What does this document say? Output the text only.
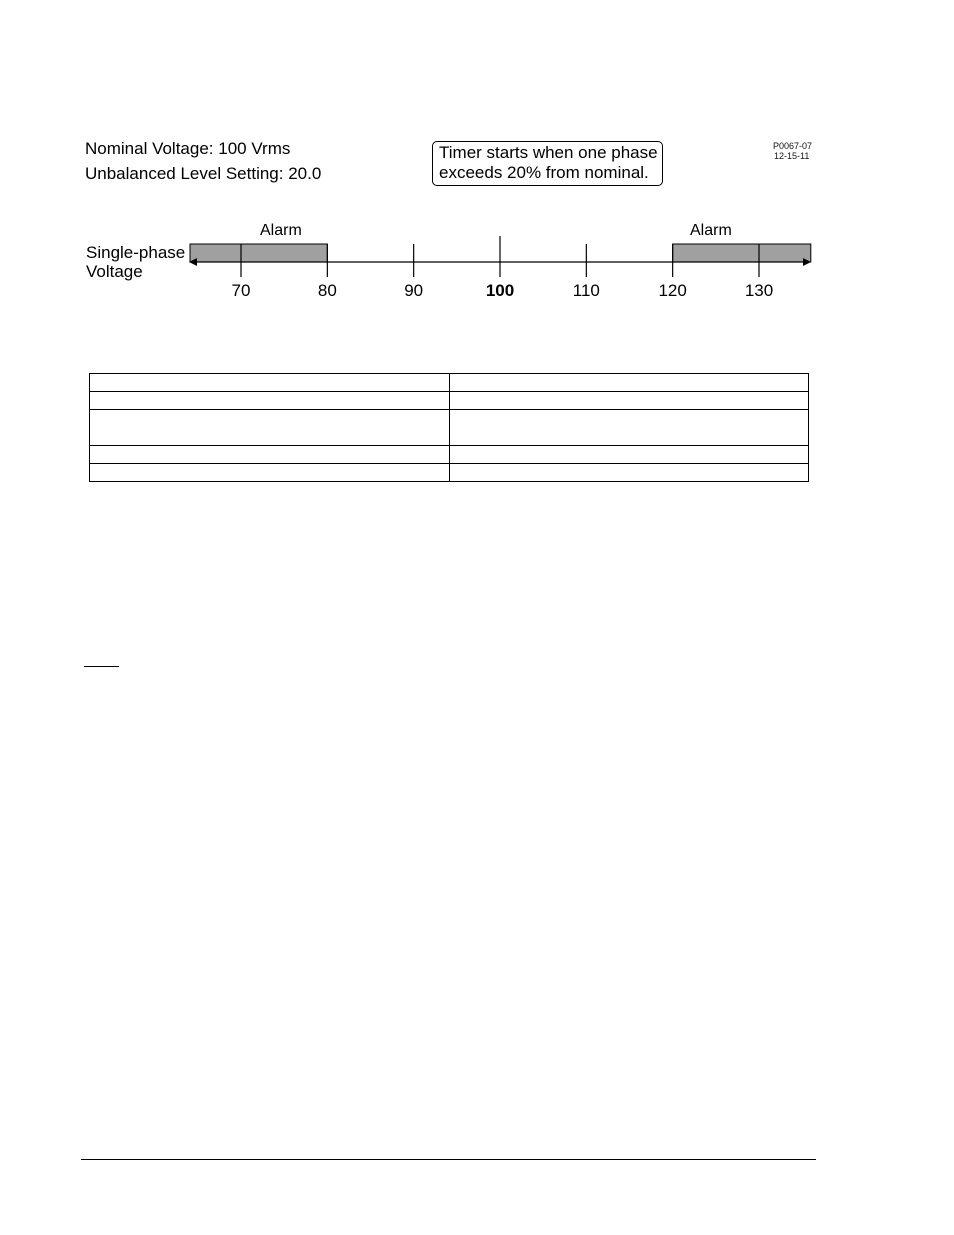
Nominal Voltage: 100 Vrms
Unbalanced Level Setting: 20.0
Timer starts when one phase
exceeds 20% from nominal.
P0067-07
12-15-11
Alarm	Alarm
Single-phase
Voltage
70	80	90	100	110	120	130
